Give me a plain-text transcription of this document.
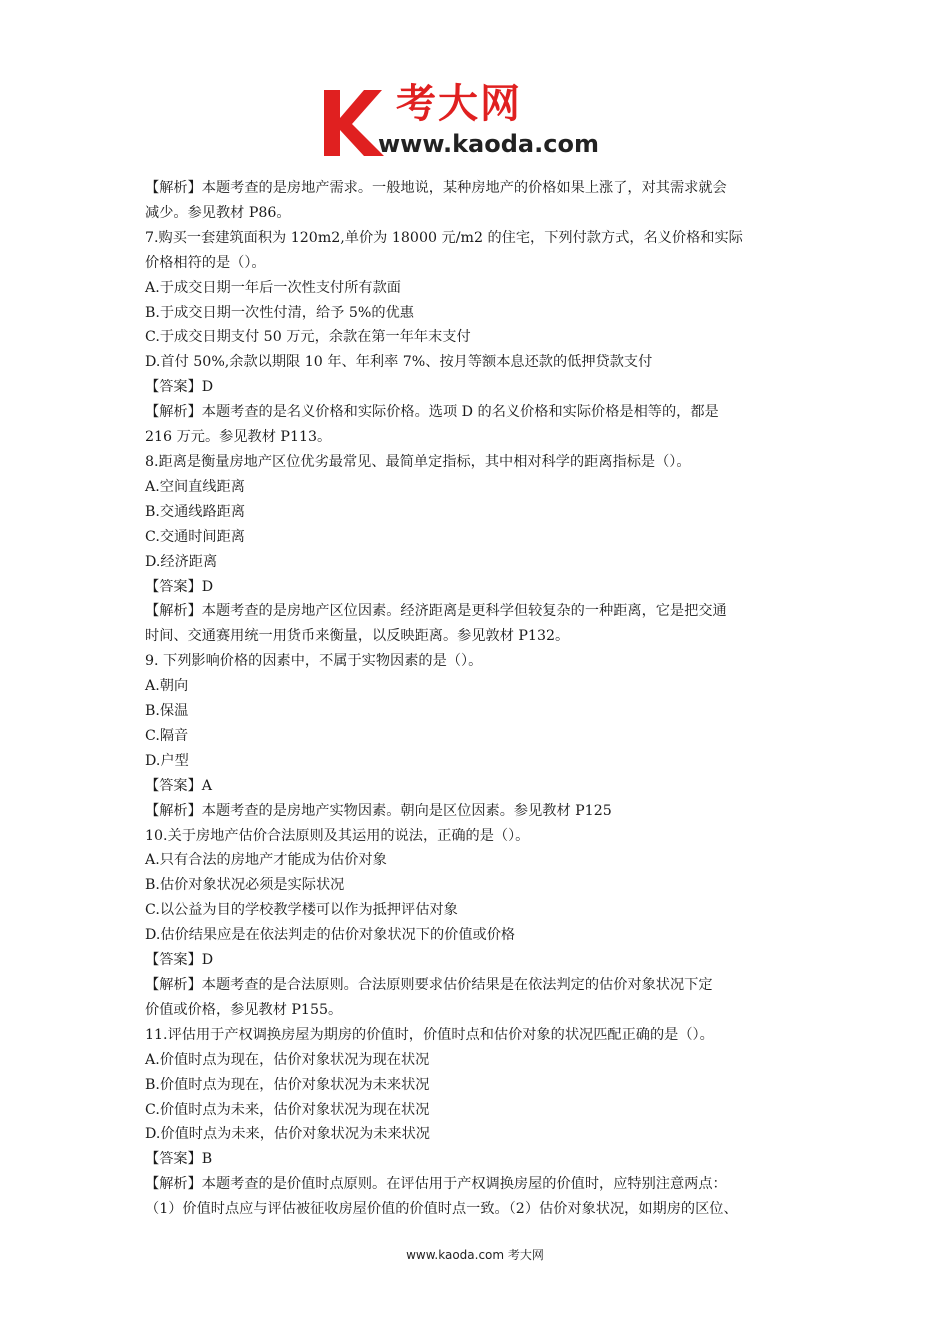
考大网
www.kaoda.com

【解析】本题考查的是房地产需求。一般地说，某种房地产的价格如果上涨了，对其需求就会

减少。参见教材 P86。

7.购买一套建筑面积为 120m2,单价为 18000 元/m2 的住宅，下列付款方式，名义价格和实际

价格相符的是（）。

A.于成交日期一年后一次性支付所有款面

B.于成交日期一次性付清，给予 5%的优惠

C.于成交日期支付 50 万元，余款在第一年年末支付

D.首付 50%,余款以期限 10 年、年利率 7%、按月等额本息还款的低押贷款支付

【答案】D

【解析】本题考查的是名义价格和实际价格。选项 D 的名义价格和实际价格是相等的，都是

216 万元。参见教材 P113。

8.距离是衡量房地产区位优劣最常见、最简单定指标，其中相对科学的距离指标是（）。

A.空间直线距离

B.交通线路距离

C.交通时间距离

D.经济距离

【答案】D

【解析】本题考查的是房地产区位因素。经济距离是更科学但较复杂的一种距离，它是把交通

时间、交通赛用统一用货币来衡量，以反映距离。参见敦材 P132。

9. 下列影响价格的因素中，不属于实物因素的是（）。

A.朝向

B.保温

C.隔音

D.户型

【答案】A

【解析】本题考查的是房地产实物因素。朝向是区位因素。参见教材 P125

10.关于房地产估价合法原则及其运用的说法，正确的是（）。

A.只有合法的房地产才能成为估价对象

B.估价对象状况必须是实际状况

C.以公益为目的学校教学楼可以作为抵押评估对象

D.估价结果应是在依法判走的估价对象状况下的价值或价格

【答案】D

【解析】本题考查的是合法原则。合法原则要求估价结果是在依法判定的估价对象状况下定

价值或价格，参见教材 P155。

11.评估用于产权调换房屋为期房的价值时，价值时点和估价对象的状况匹配正确的是（）。

A.价值时点为现在，估价对象状况为现在状况

B.价值时点为现在，估价对象状况为未来状况

C.价值时点为未来，估价对象状况为现在状况

D.价值时点为未来，估价对象状况为未来状况

【答案】B

【解析】本题考查的是价值时点原则。在评估用于产权调换房屋的价值时，应特别注意两点：

（1）价值时点应与评估被征收房屋价值的价值时点一致。（2）估价对象状况，如期房的区位、

www.kaoda.com 考大网
